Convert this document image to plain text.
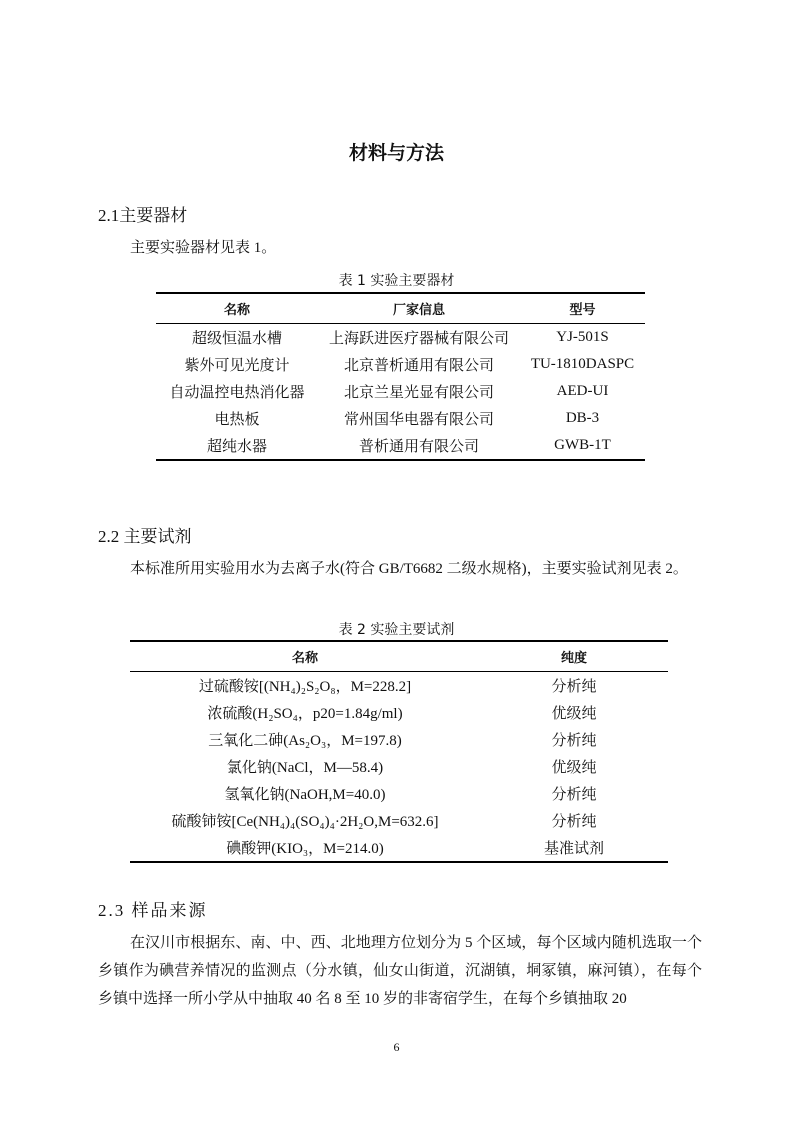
材料与方法
2.1主要器材

主要实验器材见表 1。

表 1 实验主要器材
名称	厂家信息	型号
超级恒温水槽	上海跃进医疗器械有限公司	YJ-501S
紫外可见光度计	北京普析通用有限公司	TU-1810DASPC
自动温控电热消化器	北京兰星光显有限公司	AED-UI
电热板	常州国华电器有限公司	DB-3
超纯水器	普析通用有限公司	GWB-1T
2.2 主要试剂

本标准所用实验用水为去离子水(符合 GB/T6682 二级水规格)，主要实验试剂见表 2。

表 2 实验主要试剂
名称	纯度
过硫酸铵[(NH₄)₂S₂O₈，M=228.2]	分析纯
浓硫酸(H₂SO₄，p20=1.84g/ml)	优级纯
三氧化二砷(As₂O₃，M=197.8)	分析纯
氯化钠(NaCl，M—58.4)	优级纯
氢氧化钠(NaOH,M=40.0)	分析纯
硫酸铈铵[Ce(NH₄)₄(SO₄)₄·2H₂O,M=632.6]	分析纯
碘酸钾(KIO₃，M=214.0)	基准试剂
2.3 样品来源

在汉川市根据东、南、中、西、北地理方位划分为 5 个区域，每个区域内随机选取一个乡镇作为碘营养情况的监测点（分水镇，仙女山街道，沉湖镇，垌冢镇，麻河镇），在每个乡镇中选择一所小学从中抽取 40 名 8 至 10 岁的非寄宿学生，在每个乡镇抽取 20

6
